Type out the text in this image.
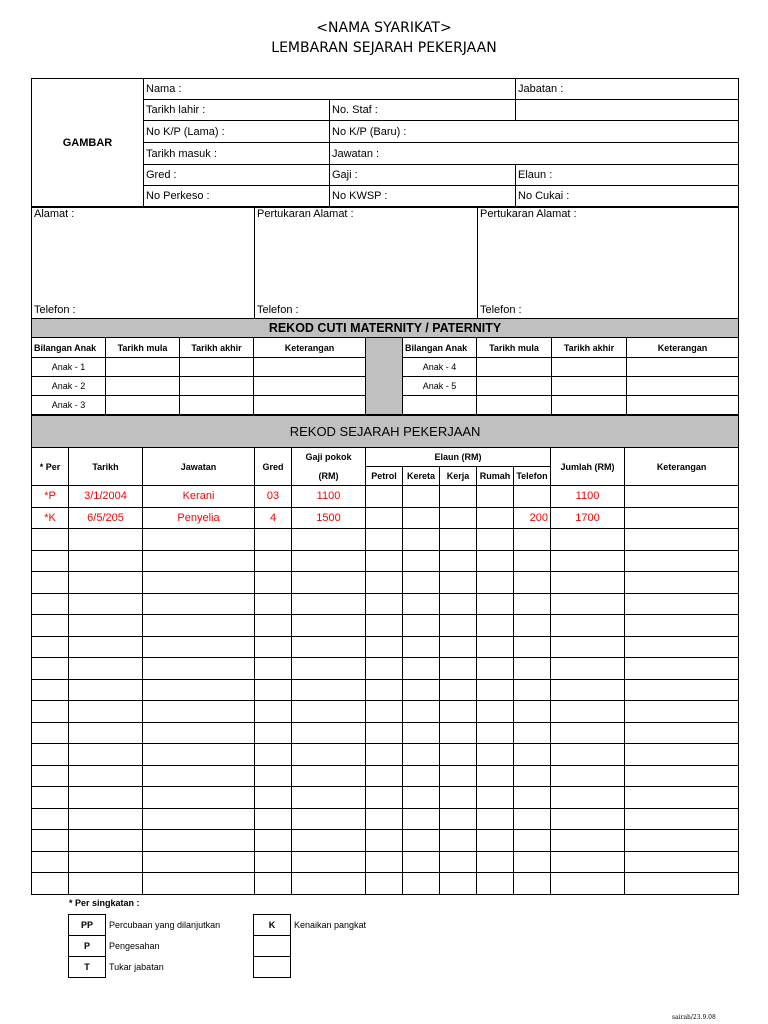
<NAMA SYARIKAT>
LEMBARAN SEJARAH PEKERJAAN
GAMBAR	Nama :		Jabatan :
	Tarikh lahir :	No. Staf :	
	No K/P (Lama) :	No K/P (Baru) :	
	Tarikh masuk :	Jawatan :	
	Gred :	Gaji :	Elaun :
	No Perkeso :	No KWSP :	No Cukai :
Alamat :
Telefon :
	Pertukaran Alamat :
Telefon :
	Pertukaran Alamat :
Telefon :
REKOD CUTI MATERNITY / PATERNITY								
Bilangan Anak	Tarikh mula	Tarikh akhir	Keterangan		Bilangan Anak	Tarikh mula	Tarikh akhir	Keterangan
Anak - 1					Anak - 4			
Anak - 2					Anak - 5			
Anak - 3								
REKOD SEJARAH PEKERJAAN											
* Per	Tarikh	Jawatan	Gred	Gaji pokok	Elaun (RM)					Jumlah (RM)	Keterangan
				(RM)	Petrol	Kereta	Kerja	Rumah	Telefon		
*P	3/1/2004	Kerani	03	1100						1100	
*K	6/5/205	Penyelia	4	1500					200	1700	

* Per singkatan :
PP	Percubaan yang dilanjutkan	K	Kenaikan pangkat
P	Pengesahan		
T	Tukar jabatan		
sairah/23.9.08
